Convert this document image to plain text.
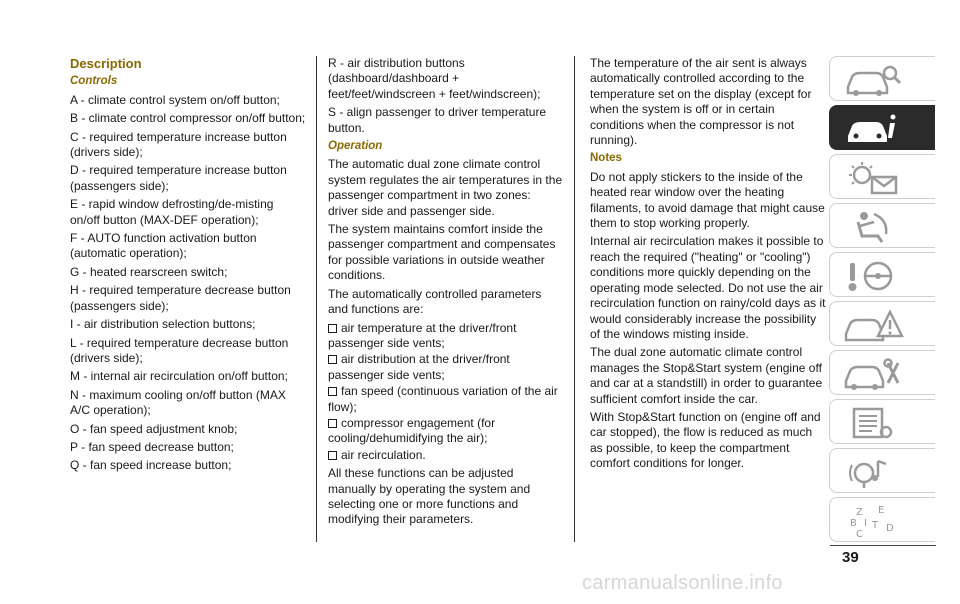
Description

Controls

A - climate control system on/off button;

B - climate control compressor on/off button;

C - required temperature increase button (drivers side);

D - required temperature increase button (passengers side);

E - rapid window defrosting/de-misting on/off button (MAX-DEF operation);

F - AUTO function activation button (automatic operation);

G - heated rearscreen switch;

H - required temperature decrease button (passengers side);

I - air distribution selection buttons;

L - required temperature decrease button (drivers side);

M - internal air recirculation on/off button;

N - maximum cooling on/off button (MAX A/C operation);

O - fan speed adjustment knob;

P - fan speed decrease button;

Q - fan speed increase button;

R - air distribution buttons (dashboard/dashboard + feet/feet/windscreen + feet/windscreen);

S - align passenger to driver temperature button.

Operation

The automatic dual zone climate control system regulates the air temperatures in the passenger compartment in two zones: driver side and passenger side.

The system maintains comfort inside the passenger compartment and compensates for possible variations in outside weather conditions.

The automatically controlled parameters and functions are:

air temperature at the driver/front passenger side vents;
air distribution at the driver/front passenger side vents;
fan speed (continuous variation of the air flow);
compressor engagement (for cooling/dehumidifying the air);
air recirculation.

All these functions can be adjusted manually by operating the system and selecting one or more functions and modifying their parameters.

The temperature of the air sent is always automatically controlled according to the temperature set on the display (except for when the system is off or in certain conditions when the compressor is not running).

Notes

Do not apply stickers to the inside of the heated rear window over the heating filaments, to avoid damage that might cause them to stop working properly.

Internal air recirculation makes it possible to reach the required ("heating" or "cooling") conditions more quickly depending on the operating mode selected. Do not use the air recirculation function on rainy/cold days as it would considerably increase the possibility of the windows misting inside.

The dual zone automatic climate control manages the Stop&Start system (engine off and car at a standstill) in order to guarantee sufficient comfort inside the car.

With Stop&Start function on (engine off and car stopped), the flow is reduced as much as possible, to keep the compartment comfort conditions for longer.

Z E
B I
C
T D
39
carmanualsonline.info
